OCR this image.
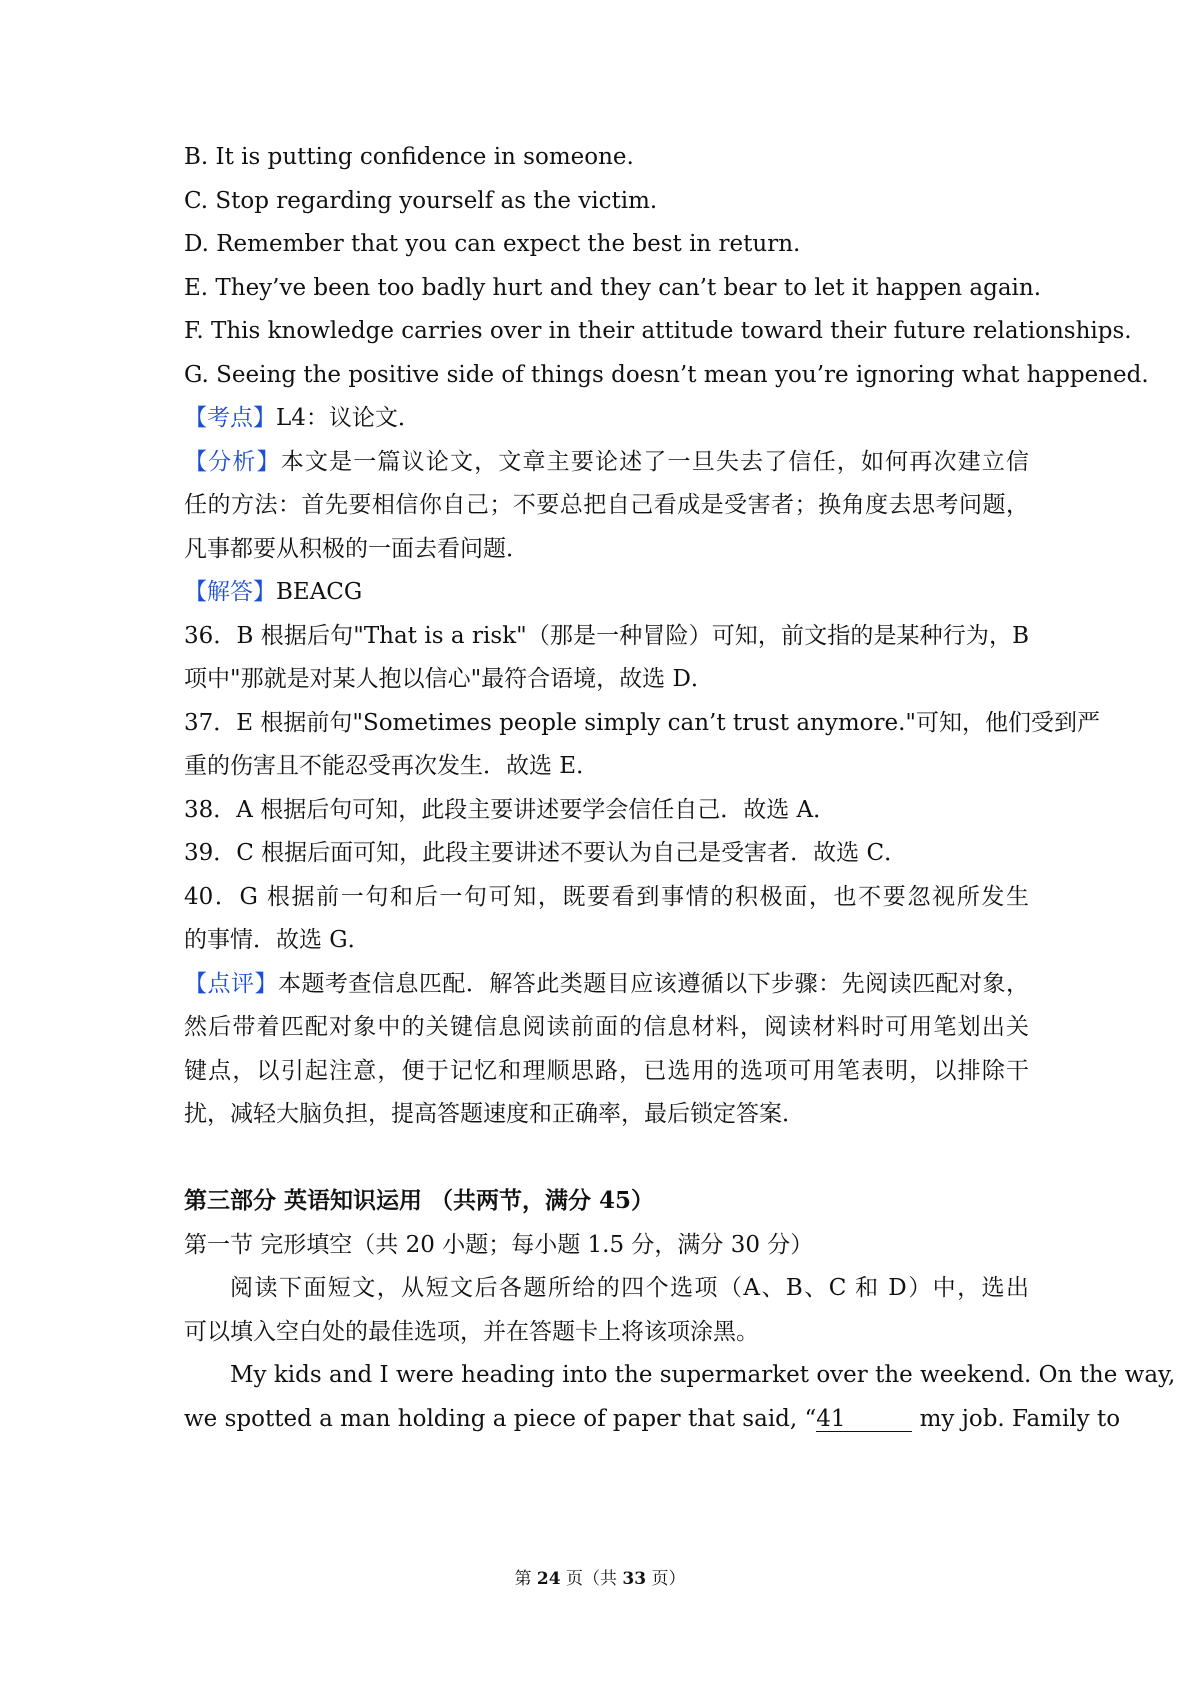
B. It is putting confidence in someone.
C. Stop regarding yourself as the victim.
D. Remember that you can expect the best in return.
E. They’ve been too badly hurt and they can’t bear to let it happen again.
F. This knowledge carries over in their attitude toward their future relationships.
G. Seeing the positive side of things doesn’t mean you’re ignoring what happened.
【考点】L4：议论文．
【分析】本文是一篇议论文，文章主要论述了一旦失去了信任，如何再次建立信
任的方法：首先要相信你自己；不要总把自己看成是受害者；换角度去思考问题，
凡事都要从积极的一面去看问题．
【解答】BEACG
36．B 根据后句"That is a risk"（那是一种冒险）可知，前文指的是某种行为，B
项中"那就是对某人抱以信心"最符合语境，故选 D．
37．E 根据前句"Sometimes people simply can’t trust anymore."可知，他们受到严
重的伤害且不能忍受再次发生．故选 E．
38．A 根据后句可知，此段主要讲述要学会信任自己．故选 A．
39．C 根据后面可知，此段主要讲述不要认为自己是受害者．故选 C．
40．G 根据前一句和后一句可知，既要看到事情的积极面，也不要忽视所发生
的事情．故选 G．
【点评】本题考查信息匹配．解答此类题目应该遵循以下步骤：先阅读匹配对象，
然后带着匹配对象中的关键信息阅读前面的信息材料，阅读材料时可用笔划出关
键点，以引起注意，便于记忆和理顺思路，已选用的选项可用笔表明，以排除干
扰，减轻大脑负担，提高答题速度和正确率，最后锁定答案．
第三部分 英语知识运用 （共两节，满分 45）
第一节 完形填空（共 20 小题；每小题 1.5 分，满分 30 分）
阅读下面短文，从短文后各题所给的四个选项（A、B、C 和 D）中，选出
可以填入空白处的最佳选项，并在答题卡上将该项涂黑。
My kids and I were heading into the supermarket over the weekend. On the way,
we spotted a man holding a piece of paper that said, “41	my job. Family to
第 24 页（共 33 页）
